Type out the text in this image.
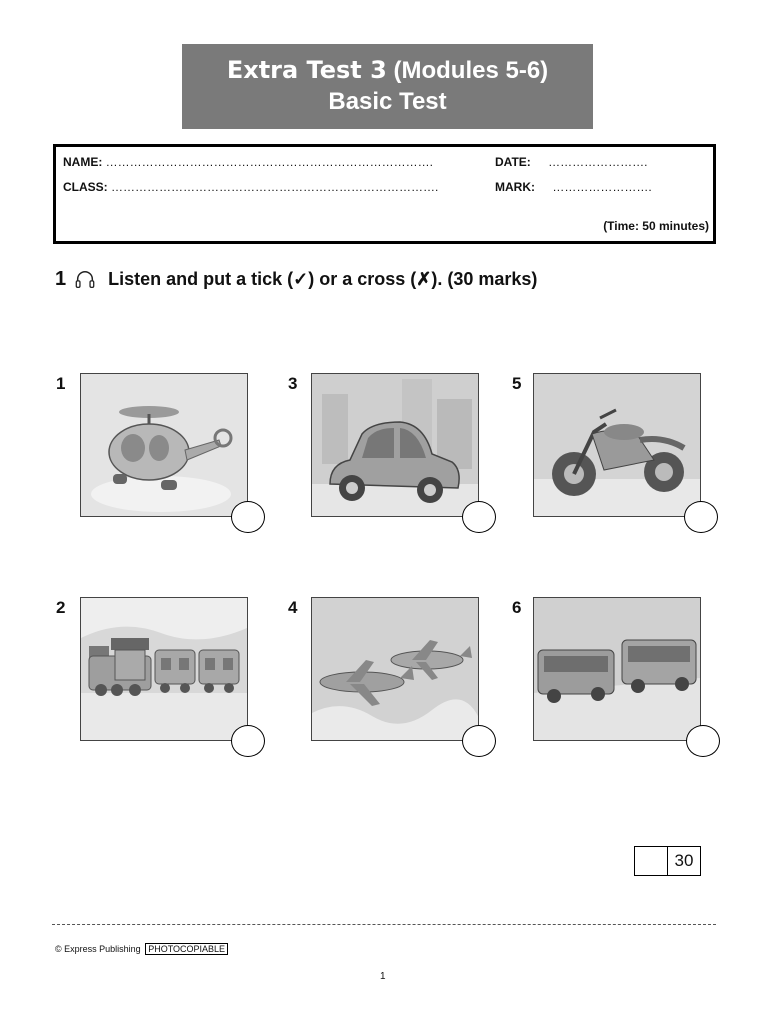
Extra Test 3 (Modules 5-6)
Basic Test
NAME: ……………………………………………………………………….
CLASS: ……………………………………………………………………….
DATE: …………………….
MARK: …………………….
(Time: 50 minutes)
1 Listen and put a tick (✓) or a cross (✗). (30 marks)
1
2
3
4
5
6
30
© Express Publishing PHOTOCOPIABLE
1
